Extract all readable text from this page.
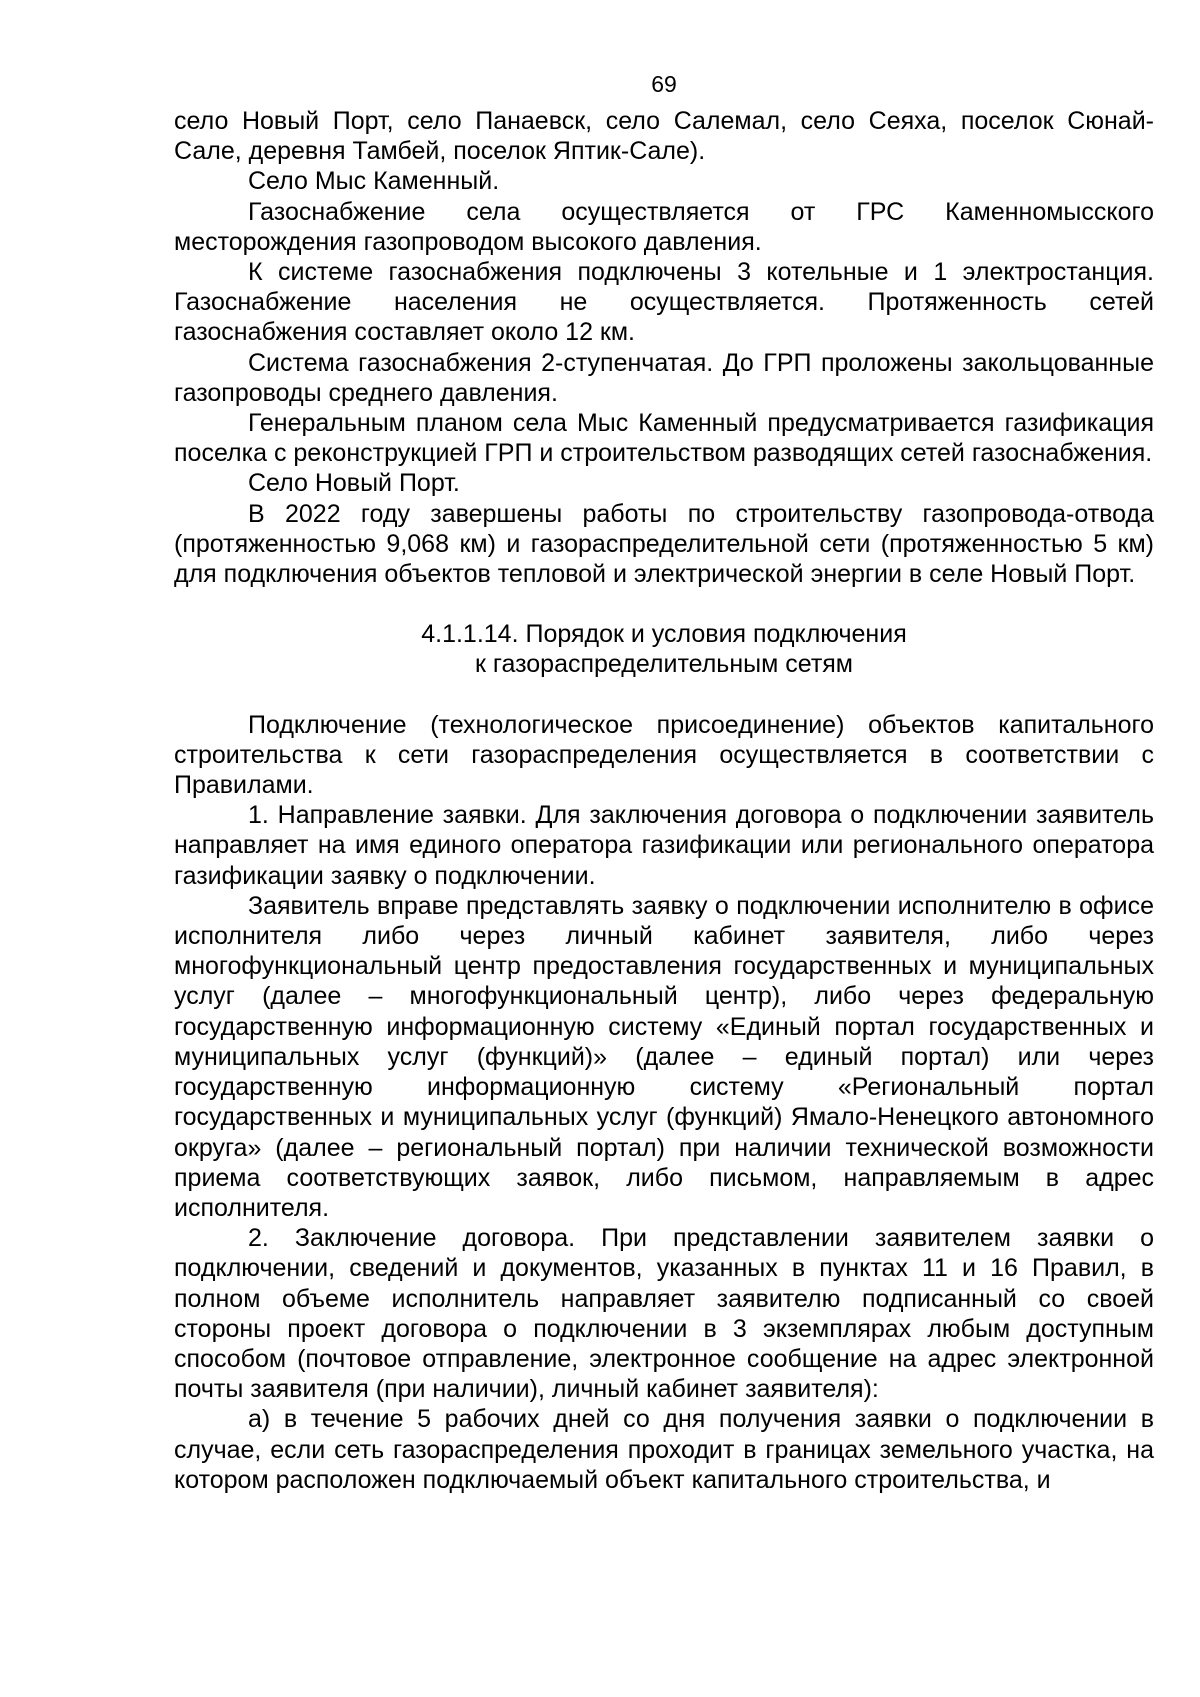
69

село Новый Порт, село Панаевск, село Салемал, село Сеяха, поселок Сюнай-Сале, деревня Тамбей, поселок Яптик-Сале).

Село Мыс Каменный.

Газоснабжение села осуществляется от ГРС Каменномысского месторождения газопроводом высокого давления.

К системе газоснабжения подключены 3 котельные и 1 электростанция. Газоснабжение населения не осуществляется. Протяженность сетей газоснабжения составляет около 12 км.

Система газоснабжения 2-ступенчатая. До ГРП проложены закольцованные газопроводы среднего давления.

Генеральным планом села Мыс Каменный предусматривается газификация поселка с реконструкцией ГРП и строительством разводящих сетей газоснабжения.

Село Новый Порт.

В 2022 году завершены работы по строительству газопровода-отвода (протяженностью 9,068 км) и газораспределительной сети (протяженностью 5 км) для подключения объектов тепловой и электрической энергии в селе Новый Порт.

4.1.1.14. Порядок и условия подключения
к газораспределительным сетям

Подключение (технологическое присоединение) объектов капитального строительства к сети газораспределения осуществляется в соответствии с Правилами.

1. Направление заявки. Для заключения договора о подключении заявитель направляет на имя единого оператора газификации или регионального оператора газификации заявку о подключении.

Заявитель вправе представлять заявку о подключении исполнителю в офисе исполнителя либо через личный кабинет заявителя, либо через многофункциональный центр предоставления государственных и муниципальных услуг (далее – многофункциональный центр), либо через федеральную государственную информационную систему «Единый портал государственных и муниципальных услуг (функций)» (далее – единый портал) или через государственную информационную систему «Региональный портал государственных и муниципальных услуг (функций) Ямало-Ненецкого автономного округа» (далее – региональный портал) при наличии технической возможности приема соответствующих заявок, либо письмом, направляемым в адрес исполнителя.

2. Заключение договора. При представлении заявителем заявки о подключении, сведений и документов, указанных в пунктах 11 и 16 Правил, в полном объеме исполнитель направляет заявителю подписанный со своей стороны проект договора о подключении в 3 экземплярах любым доступным способом (почтовое отправление, электронное сообщение на адрес электронной почты заявителя (при наличии), личный кабинет заявителя):

а) в течение 5 рабочих дней со дня получения заявки о подключении в случае, если сеть газораспределения проходит в границах земельного участка, на котором расположен подключаемый объект капитального строительства, и
